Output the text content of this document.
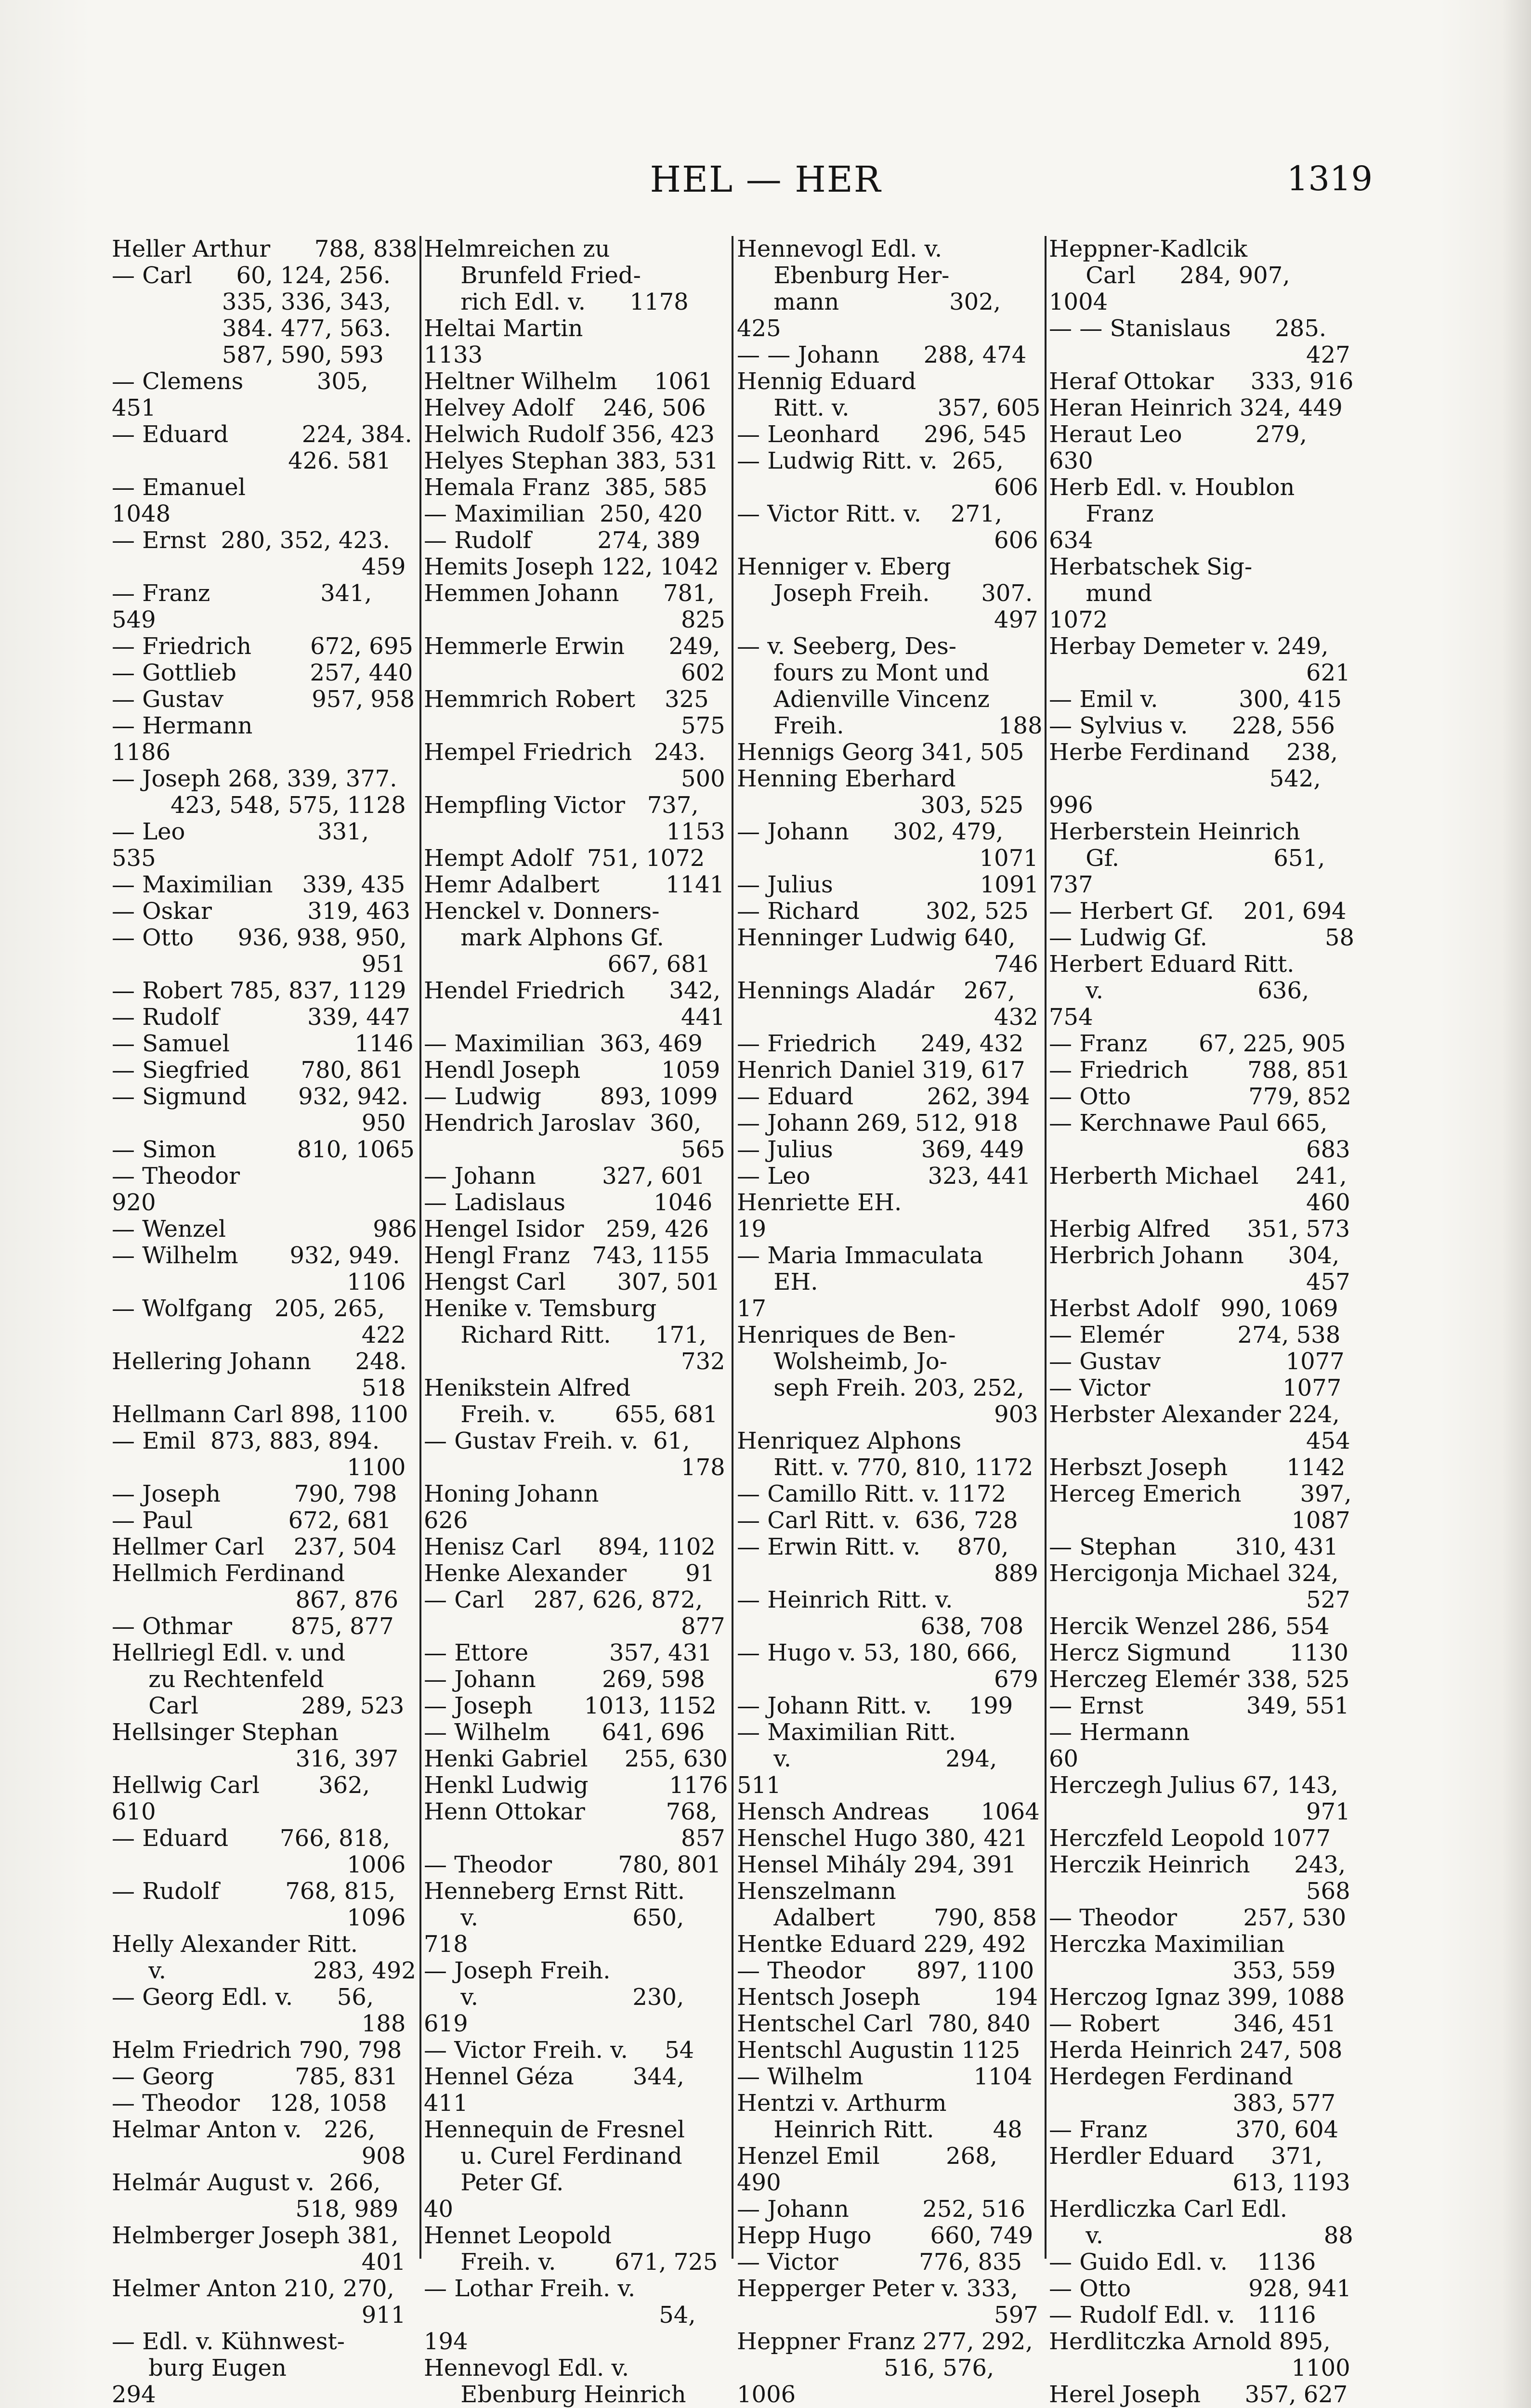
HEL — HER	1319

Heller Arthur      788, 838

— Carl      60, 124, 256.
335, 336, 343,
384. 477, 563.
587, 590, 593

— Clemens          305, 451

— Eduard          224, 384.
426. 581

— Emanuel                1048

— Ernst  280, 352, 423.
459

— Franz               341, 549

— Friedrich        672, 695

— Gottlieb          257, 440

— Gustav            957, 958

— Hermann                1186

— Joseph 268, 339, 377.
423, 548, 575, 1128

— Leo                  331, 535

— Maximilian    339, 435

— Oskar             319, 463

— Otto      936, 938, 950,
951

— Robert 785, 837, 1129

— Rudolf            339, 447

— Samuel                 1146

— Siegfried       780, 861

— Sigmund       932, 942.
950

— Simon           810, 1065

— Theodor                   920

— Wenzel                    986

— Wilhelm       932, 949.
1106

— Wolfgang   205, 265,
422

Hellering Johann      248.
518

Hellmann Carl 898, 1100

— Emil  873, 883, 894.
1100

— Joseph          790, 798

— Paul             672, 681

Hellmer Carl    237, 504

Hellmich Ferdinand
867, 876

— Othmar        875, 877

Hellriegl Edl. v. und
zu Rechtenfeld
Carl              289, 523

Hellsinger Stephan
316, 397

Hellwig Carl        362, 610

— Eduard       766, 818,
1006

— Rudolf         768, 815,
1096

Helly Alexander Ritt.
v.                    283, 492

— Georg Edl. v.      56,
188

Helm Friedrich 790, 798

— Georg           785, 831

— Theodor    128, 1058

Helmar Anton v.   226,
908

Helmár August v.  266,
518, 989

Helmberger Joseph 381,
401

Helmer Anton 210, 270,
911

— Edl. v. Kühnwest-
burg Eugen              294

Helmreichen zu
Brunfeld Fried-
rich Edl. v.      1178

Heltai Martin                1133

Heltner Wilhelm     1061

Helvey Adolf    246, 506

Helwich Rudolf 356, 423

Helyes Stephan 383, 531

Hemala Franz  385, 585

— Maximilian  250, 420

— Rudolf         274, 389

Hemits Joseph 122, 1042

Hemmen Johann      781,
825

Hemmerle Erwin      249,
602

Hemmrich Robert    325
575

Hempel Friedrich   243.
500

Hempfling Victor   737,
1153

Hempt Adolf  751, 1072

Hemr Adalbert         1141

Henckel v. Donners-
mark Alphons Gf.
667, 681

Hendel Friedrich      342,
441

— Maximilian  363, 469

Hendl Joseph           1059

— Ludwig        893, 1099

Hendrich Jaroslav  360,
565

— Johann         327, 601

— Ladislaus            1046

Hengel Isidor   259, 426

Hengl Franz   743, 1155

Hengst Carl       307, 501

Henike v. Temsburg
Richard Ritt.      171,
732

Henikstein Alfred
Freih. v.        655, 681

— Gustav Freih. v.  61,
178

Honing Johann            626

Henisz Carl     894, 1102

Henke Alexander        91

— Carl    287, 626, 872,
877

— Ettore           357, 431

— Johann         269, 598

— Joseph       1013, 1152

— Wilhelm       641, 696

Henki Gabriel     255, 630

Henkl Ludwig           1176

Henn Ottokar           768,
857

— Theodor         780, 801

Henneberg Ernst Ritt.
v.                     650, 718

— Joseph Freih.
v.                     230, 619

— Victor Freih. v.     54

Hennel Géza        344, 411

Hennequin de Fresnel
u. Curel Ferdinand
Peter Gf.                    40

Hennet Leopold
Freih. v.        671, 725

— Lothar Freih. v.
54, 194

Hennevogl Edl. v.
Ebenburg Heinrich

Hennevogl Edl. v.
Ebenburg Her-
mann               302, 425

— — Johann      288, 474

Hennig Eduard
Ritt. v.            357, 605

— Leonhard      296, 545

— Ludwig Ritt. v.  265,
606

— Victor Ritt. v.    271,
606

Henniger v. Eberg
Joseph Freih.       307.
497

— v. Seeberg, Des-
fours zu Mont und
Adienville Vincenz
Freih.                     188

Hennigs Georg 341, 505

Henning Eberhard
303, 525

— Johann      302, 479,
1071

— Julius                    1091

— Richard         302, 525

Henninger Ludwig 640,
746

Hennings Aladár    267,
432

— Friedrich      249, 432

Henrich Daniel 319, 617

— Eduard          262, 394

— Johann 269, 512, 918

— Julius            369, 449

— Leo                323, 441

Henriette EH.                19

— Maria Immaculata
EH.                            17

Henriques de Ben-
Wolsheimb, Jo-
seph Freih. 203, 252,
903

Henriquez Alphons
Ritt. v. 770, 810, 1172

— Camillo Ritt. v. 1172

— Carl Ritt. v.  636, 728

— Erwin Ritt. v.     870,
889

— Heinrich Ritt. v.
638, 708

— Hugo v. 53, 180, 666,
679

— Johann Ritt. v.     199

— Maximilian Ritt.
v.                     294, 511

Hensch Andreas       1064

Henschel Hugo 380, 421

Hensel Mihály 294, 391

Henszelmann
Adalbert        790, 858

Hentke Eduard 229, 492

— Theodor       897, 1100

Hentsch Joseph          194

Hentschel Carl  780, 840

Hentschl Augustin 1125

— Wilhelm               1104

Hentzi v. Arthurm
Heinrich Ritt.        48

Henzel Emil         268, 490

— Johann          252, 516

Hepp Hugo        660, 749

— Victor           776, 835

Hepperger Peter v. 333,
597

Heppner Franz 277, 292,
516, 576, 1006

Heppner-Kadlcik
Carl      284, 907, 1004

— — Stanislaus      285.
427

Heraf Ottokar     333, 916

Heran Heinrich 324, 449

Heraut Leo          279, 630

Herb Edl. v. Houblon
Franz                       634

Herbatschek Sig-
mund                      1072

Herbay Demeter v. 249,
621

— Emil v.           300, 415

— Sylvius v.      228, 556

Herbe Ferdinand     238,
542, 996

Herberstein Heinrich
Gf.                     651, 737

— Herbert Gf.    201, 694

— Ludwig Gf.                58

Herbert Eduard Ritt.
v.                     636, 754

— Franz       67, 225, 905

— Friedrich        788, 851

— Otto                779, 852

— Kerchnawe Paul 665,
683

Herberth Michael     241,
460

Herbig Alfred     351, 573

Herbrich Johann      304,
457

Herbst Adolf   990, 1069

— Elemér          274, 538

— Gustav                 1077

— Victor                  1077

Herbster Alexander 224,
454

Herbszt Joseph        1142

Herceg Emerich        397,
1087

— Stephan        310, 431

Hercigonja Michael 324,
527

Hercik Wenzel 286, 554

Hercz Sigmund        1130

Herczeg Elemér 338, 525

— Ernst              349, 551

— Hermann                   60

Herczegh Julius 67, 143,
971

Herczfeld Leopold 1077

Herczik Heinrich      243,
568

— Theodor         257, 530

Herczka Maximilian
353, 559

Herczog Ignaz 399, 1088

— Robert          346, 451

Herda Heinrich 247, 508

Herdegen Ferdinand
383, 577

— Franz            370, 604

Herdler Eduard     371,
613, 1193

Herdliczka Carl Edl.
v.                              88

— Guido Edl. v.    1136

— Otto                928, 941

— Rudolf Edl. v.   1116

Herdlitczka Arnold 895,
1100

Herel Joseph      357, 627
